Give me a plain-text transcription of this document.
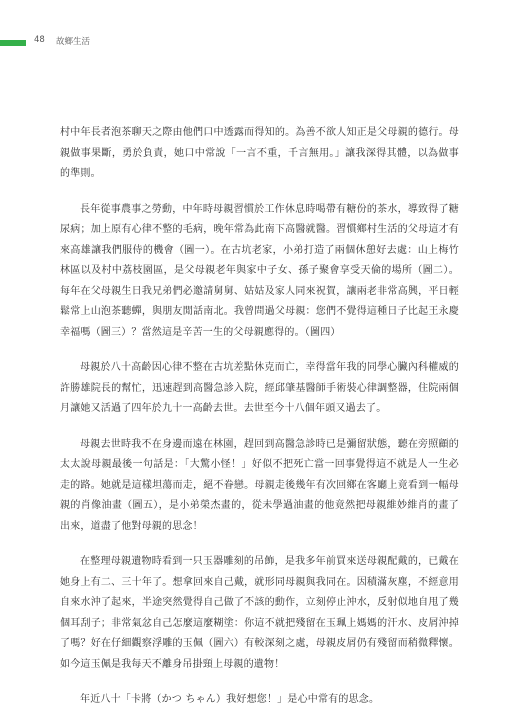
48 故鄉生活

村中年長者泡茶聊天之際由他們口中透露而得知的。為善不欲人知正是父母親的德行。母親做事果斷，勇於負責，她口中常說「一言不重，千言無用。」讓我深得其體，以為做事的準則。

長年從事農事之勞動，中年時母親習慣於工作休息時喝帶有糖份的茶水，導致得了糖尿病；加上原有心律不整的毛病，晚年常為此南下高醫就醫。習慣鄉村生活的父母這才有來高雄讓我們服侍的機會（圖一）。在古坑老家，小弟打造了兩個休憩好去處：山上梅竹林區以及村中荔枝園區，是父母親老年與家中子女、孫子聚會享受天倫的場所（圖二）。每年在父母親生日我兄弟們必邀請舅舅、姑姑及家人同來祝賀，讓兩老非常高興，平日輕鬆常上山泡茶聽蟬，與朋友閒話南北。我曾問過父母親：您們不覺得這種日子比起王永慶幸福嗎（圖三）？當然這是辛苦一生的父母親應得的。（圖四）

母親於八十高齡因心律不整在古坑差點休克而亡，幸得當年我的同學心臟內科權威的許勝雄院長的幫忙，迅速趕到高醫急診入院，經邱肇基醫師手術裝心律調整器，住院兩個月讓她又活過了四年於九十一高齡去世。去世至今十八個年頭又過去了。

母親去世時我不在身邊而遠在林園，趕回到高醫急診時已是彌留狀態，聽在旁照顧的太太說母親最後一句話是：「大驚小怪！」好似不把死亡當一回事覺得這不就是人一生必走的路。她就是這樣坦蕩而走，絕不眷戀。母親走後幾年有次回鄉在客廳上竟看到一幅母親的肖像油畫（圖五），是小弟榮杰畫的，從未學過油畫的他竟然把母親維妙維肖的畫了出來，道盡了他對母親的思念！

在整理母親遺物時看到一只玉器雕刻的吊飾，是我多年前買來送母親配戴的，已戴在她身上有二、三十年了。想拿回來自己戴，就形同母親與我同在。因積滿灰塵，不經意用自來水沖了起來，半途突然覺得自己做了不該的動作，立刻停止沖水，反射似地自甩了幾個耳刮子；非常氣忿自己怎麼這麼糊塗：你這不就把殘留在玉珮上媽媽的汗水、皮屑沖掉了嗎？好在仔細觀察浮雕的玉佩（圖六）有較深刻之處，母親皮屑仍有殘留而稍微釋懷。如今這玉佩是我每天不離身吊掛頸上母親的遺物！

年近八十「卡將（かつ ちゃん）我好想您！」是心中常有的思念。
